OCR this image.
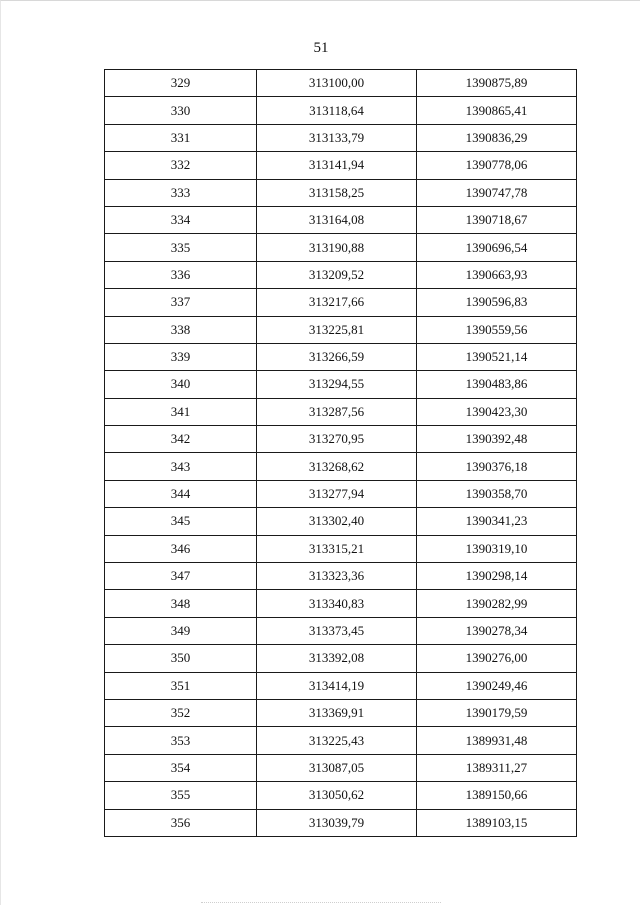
51
329	313100,00	1390875,89
330	313118,64	1390865,41
331	313133,79	1390836,29
332	313141,94	1390778,06
333	313158,25	1390747,78
334	313164,08	1390718,67
335	313190,88	1390696,54
336	313209,52	1390663,93
337	313217,66	1390596,83
338	313225,81	1390559,56
339	313266,59	1390521,14
340	313294,55	1390483,86
341	313287,56	1390423,30
342	313270,95	1390392,48
343	313268,62	1390376,18
344	313277,94	1390358,70
345	313302,40	1390341,23
346	313315,21	1390319,10
347	313323,36	1390298,14
348	313340,83	1390282,99
349	313373,45	1390278,34
350	313392,08	1390276,00
351	313414,19	1390249,46
352	313369,91	1390179,59
353	313225,43	1389931,48
354	313087,05	1389311,27
355	313050,62	1389150,66
356	313039,79	1389103,15
